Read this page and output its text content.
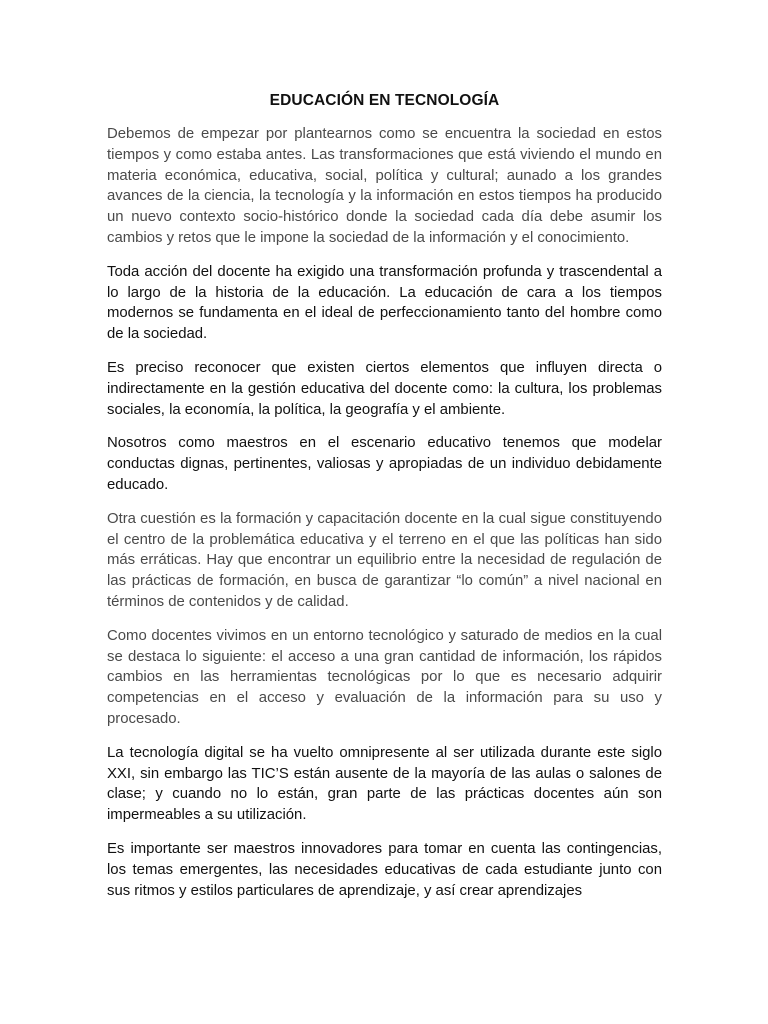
EDUCACIÓN EN TECNOLOGÍA

Debemos de empezar por plantearnos como se encuentra la sociedad en estos tiempos y como estaba antes. Las transformaciones que está viviendo el mundo en materia económica, educativa, social, política y cultural; aunado a los grandes avances de la ciencia, la tecnología y la información en estos tiempos ha producido un nuevo contexto socio-histórico donde la sociedad cada día debe asumir los cambios y retos que le impone la sociedad de la información y el conocimiento.

Toda acción del docente ha exigido una transformación profunda y trascendental a lo largo de la historia de la educación. La educación de cara a los tiempos modernos se fundamenta en el ideal de perfeccionamiento tanto del hombre como de la sociedad.

Es preciso reconocer que existen ciertos elementos que influyen directa o indirectamente en la gestión educativa del docente como: la cultura, los problemas sociales, la economía, la política, la geografía y el ambiente.

Nosotros como maestros en el escenario educativo tenemos que modelar conductas dignas, pertinentes, valiosas y apropiadas de un individuo debidamente educado.

Otra cuestión es la formación y capacitación docente en la cual sigue constituyendo el centro de la problemática educativa y el terreno en el que las políticas han sido más erráticas. Hay que encontrar un equilibrio entre la necesidad de regulación de las prácticas de formación, en busca de garantizar “lo común” a nivel nacional en términos de contenidos y de calidad.

Como docentes vivimos en un entorno tecnológico y saturado de medios en la cual se destaca lo siguiente: el acceso a una gran cantidad de información, los rápidos cambios en las herramientas tecnológicas por lo que es necesario adquirir competencias en el acceso y evaluación de la información para su uso y procesado.

La tecnología digital se ha vuelto omnipresente al ser utilizada durante este siglo XXI, sin embargo las TIC’S están ausente de la mayoría de las aulas o salones de clase; y cuando no lo están, gran parte de las prácticas docentes aún son impermeables a su utilización.

Es importante ser maestros innovadores para tomar en cuenta las contingencias, los temas emergentes, las necesidades educativas de cada estudiante junto con sus ritmos y estilos particulares de aprendizaje, y así crear aprendizajes
